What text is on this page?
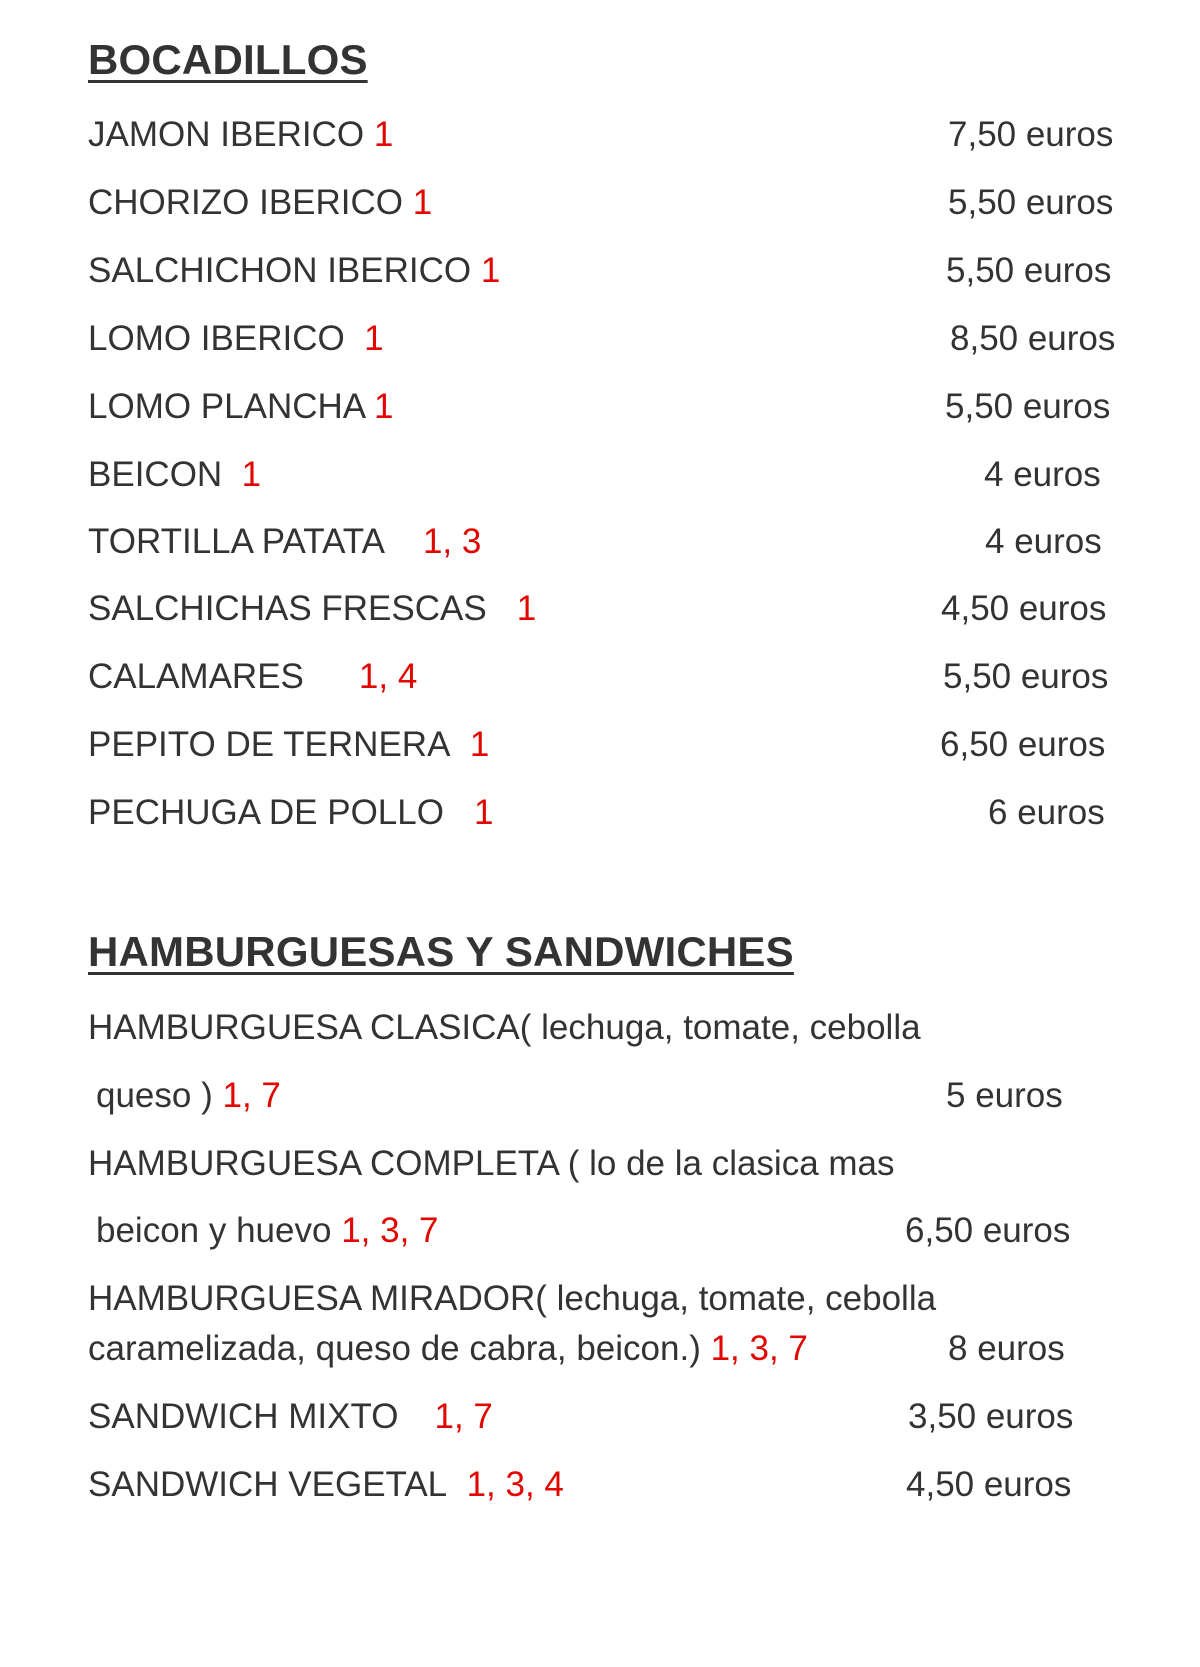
BOCADILLOS
JAMON IBERICO 1	7,50 euros
CHORIZO IBERICO 1	5,50 euros
SALCHICHON IBERICO 1	5,50 euros
LOMO IBERICO 1	8,50 euros
LOMO PLANCHA 1	5,50 euros
BEICON 1	4 euros
TORTILLA PATATA 1, 3	4 euros
SALCHICHAS FRESCAS 1	4,50 euros
CALAMARES 1, 4	5,50 euros
PEPITO DE TERNERA 1	6,50 euros
PECHUGA DE POLLO 1	6 euros
HAMBURGUESAS Y SANDWICHES
HAMBURGUESA CLASICA( lechuga, tomate, cebolla
queso ) 1, 7	5 euros
HAMBURGUESA COMPLETA ( lo de la clasica mas
beicon y huevo 1, 3, 7	6,50 euros
HAMBURGUESA MIRADOR( lechuga, tomate, cebolla
caramelizada, queso de cabra, beicon.) 1, 3, 7	8 euros
SANDWICH MIXTO 1, 7	3,50 euros
SANDWICH VEGETAL 1, 3, 4	4,50 euros
